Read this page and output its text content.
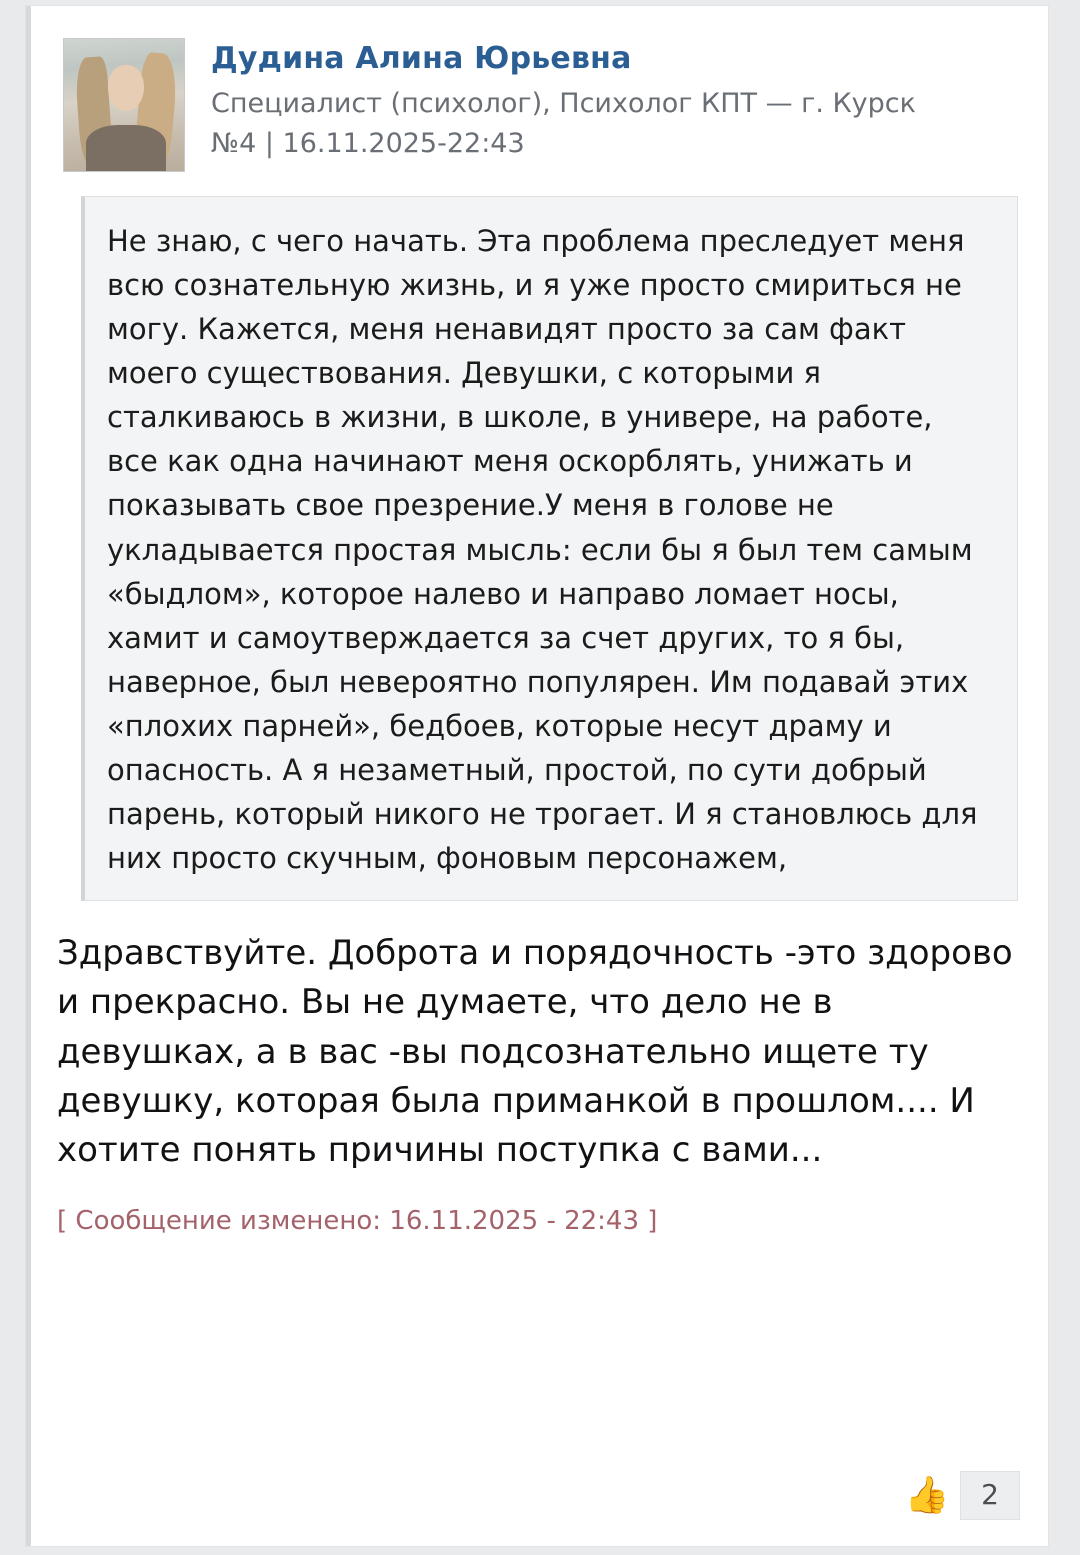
Дудина Алина Юрьевна
Специалист (психолог), Психолог КПТ — г. Курск
№4 | 16.11.2025-22:43
Не знаю, с чего начать. Эта проблема преследует меня всю сознательную жизнь, и я уже просто смириться не могу. Кажется, меня ненавидят просто за сам факт моего существования. Девушки, с которыми я сталкиваюсь в жизни, в школе, в универе, на работе, все как одна начинают меня оскорблять, унижать и показывать свое презрение.У меня в голове не укладывается простая мысль: если бы я был тем самым «быдлом», которое налево и направо ломает носы, хамит и самоутверждается за счет других, то я бы, наверное, был невероятно популярен. Им подавай этих «плохих парней», бедбоев, которые несут драму и опасность. А я незаметный, простой, по сути добрый парень, который никого не трогает. И я становлюсь для них просто скучным, фоновым персонажем,
Здравствуйте. Доброта и порядочность -это здорово и прекрасно. Вы не думаете, что дело не в девушках, а в вас -вы подсознательно ищете ту девушку, которая была приманкой в прошлом.... И хотите понять причины поступка с вами...
[ Сообщение изменено: 16.11.2025 - 22:43 ]
👍	2
